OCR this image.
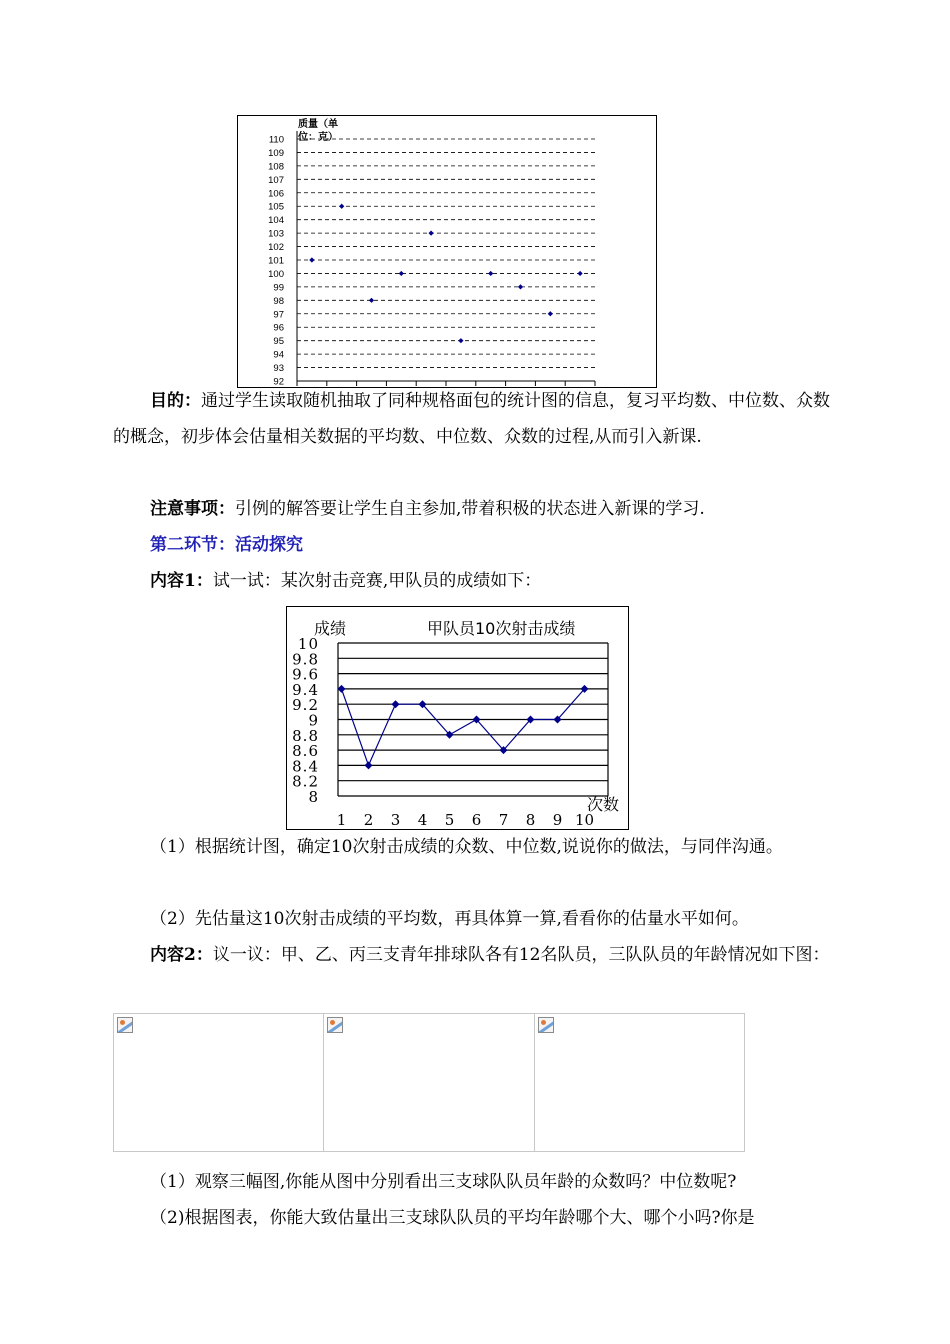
92
93
94
95
96
97
98
99
100
101
102
103
104
105
106
107
108
109
110
质量（单
位：克）
目的：通过学生读取随机抽取了同种规格面包的统计图的信息，复习平均数、中位数、众数的概念，初步体会估量相关数据的平均数、中位数、众数的过程,从而引入新课.
注意事项：引例的解答要让学生自主参加,带着积极的状态进入新课的学习.
第二环节：活动探究
内容1：试一试：某次射击竞赛,甲队员的成绩如下：
8
8.2
8.4
8.6
8.8
9
9.2
9.4
9.6
9.8
10
1 2 3 4 5 6 7 8 9 10
成绩	甲队员10次射击成绩
次数
（1）根据统计图，确定10次射击成绩的众数、中位数,说说你的做法，与同伴沟通。
（2）先估量这10次射击成绩的平均数，再具体算一算,看看你的估量水平如何。
内容2：议一议：甲、乙、丙三支青年排球队各有12名队员，三队队员的年龄情况如下图：
（1）观察三幅图,你能从图中分别看出三支球队队员年龄的众数吗？中位数呢?
（2)根据图表，你能大致估量出三支球队队员的平均年龄哪个大、哪个小吗?你是
